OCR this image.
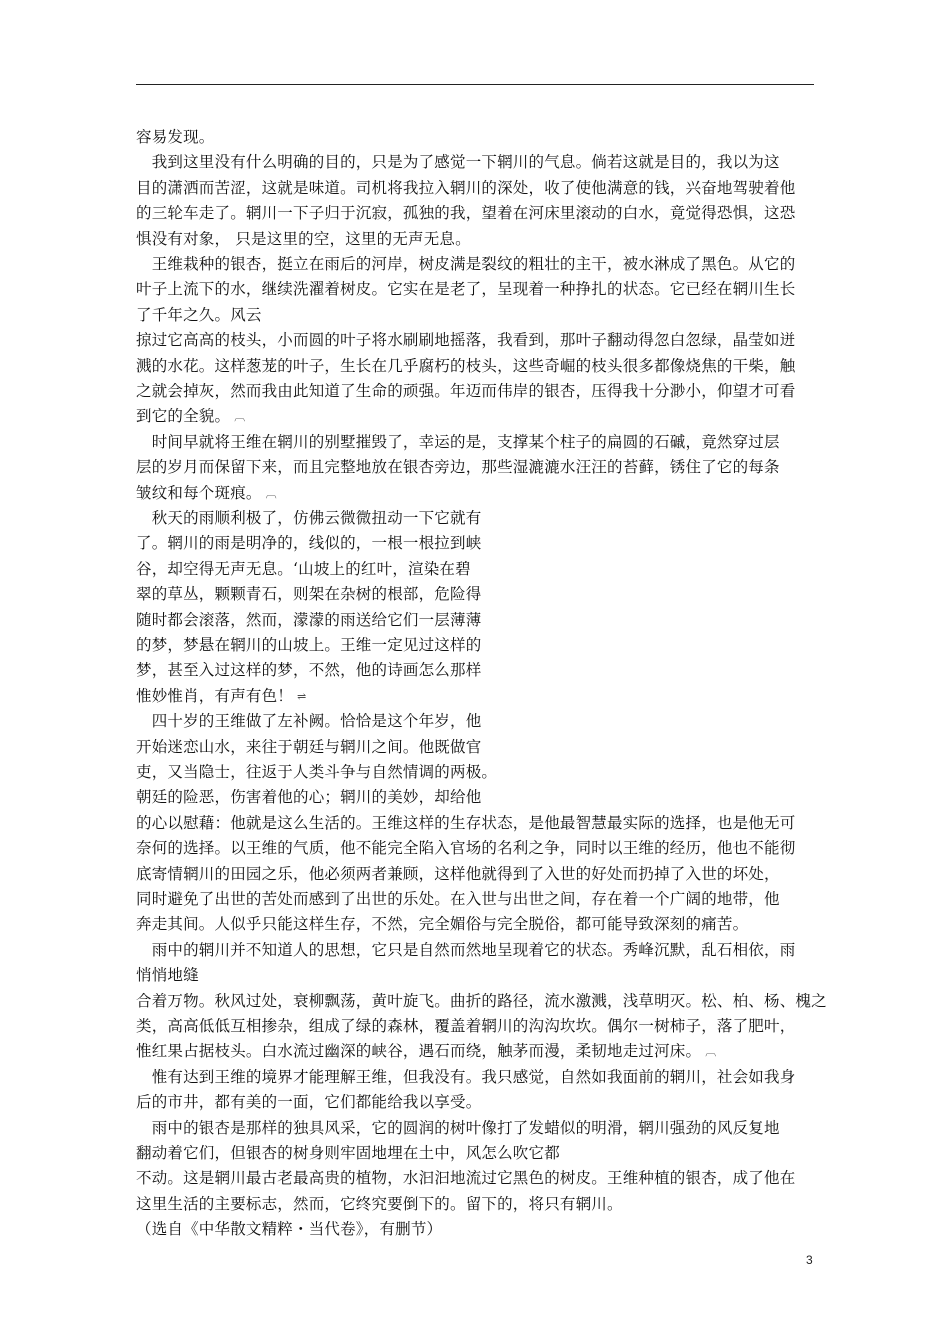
容易发现。
　我到这里没有什么明确的目的，只是为了感觉一下辋川的气息。倘若这就是目的，我以为这
目的潇洒而苦涩，这就是味道。司机将我拉入辋川的深处，收了使他满意的钱，兴奋地驾驶着他
的三轮车走了。辋川一下子归于沉寂，孤独的我，望着在河床里滚动的白水，竟觉得恐惧，这恐
惧没有对象， 只是这里的空，这里的无声无息。
　王维栽种的银杏，挺立在雨后的河岸，树皮满是裂纹的粗壮的主干，被水淋成了黑色。从它的
叶子上流下的水，继续洗濯着树皮。它实在是老了，呈现着一种挣扎的状态。它已经在辋川生长
了千年之久。风云
掠过它高高的枝头，小而圆的叶子将水刷刷地摇落，我看到，那叶子翻动得忽白忽绿，晶莹如迸
溅的水花。这样葱茏的叶子，生长在几乎腐朽的枝头，这些奇崛的枝头很多都像烧焦的干柴，触
之就会掉灰，然而我由此知道了生命的顽强。年迈而伟岸的银杏，压得我十分渺小，仰望才可看
到它的全貌。 ︹
　时间早就将王维在辋川的别墅摧毁了，幸运的是，支撑某个柱子的扁圆的石磩，竟然穿过层
层的岁月而保留下来，而且完整地放在银杏旁边，那些湿漉漉水汪汪的苔藓，锈住了它的每条
皱纹和每个斑痕。 ︹
　秋天的雨顺利极了，仿佛云微微扭动一下它就有
了。辋川的雨是明净的，线似的，一根一根拉到峡
谷，却空得无声无息。‘山坡上的红叶，渲染在碧
翠的草丛，颗颗青石，则架在杂树的根部，危险得
随时都会滚落，然而，濛濛的雨送给它们一层薄薄
的梦，梦悬在辋川的山坡上。王维一定见过这样的
梦，甚至入过这样的梦，不然，他的诗画怎么那样
惟妙惟肖，有声有色！ ⇌
　四十岁的王维做了左补阙。恰恰是这个年岁，他
开始迷恋山水，来往于朝廷与辋川之间。他既做官
吏，又当隐士，往返于人类斗争与自然情调的两极。
朝廷的险恶，伤害着他的心；辋川的美妙，却给他
的心以慰藉：他就是这么生活的。王维这样的生存状态，是他最智慧最实际的选择，也是他无可
奈何的选择。以王维的气质，他不能完全陷入官场的名利之争，同时以王维的经历，他也不能彻
底寄情辋川的田园之乐，他必须两者兼顾，这样他就得到了入世的好处而扔掉了入世的坏处，
同时避免了出世的苦处而感到了出世的乐处。在入世与出世之间，存在着一个广阔的地带，他
奔走其间。人似乎只能这样生存，不然，完全媚俗与完全脱俗，都可能导致深刻的痛苦。
　雨中的辋川并不知道人的思想，它只是自然而然地呈现着它的状态。秀峰沉默，乱石相依，雨
悄悄地缝
合着万物。秋风过处，衰柳飘荡，黄叶旋飞。曲折的路径，流水激溅，浅草明灭。松、柏、杨、槐之
类，高高低低互相掺杂，组成了绿的森林，覆盖着辋川的沟沟坎坎。偶尔一树柿子，落了肥叶，
惟红果占据枝头。白水流过幽深的峡谷，遇石而绕，触茅而漫，柔韧地走过河床。 ︹
　惟有达到王维的境界才能理解王维，但我没有。我只感觉，自然如我面前的辋川，社会如我身
后的市井，都有美的一面，它们都能给我以享受。
　雨中的银杏是那样的独具风采，它的圆润的树叶像打了发蜡似的明滑，辋川强劲的风反复地
翻动着它们，但银杏的树身则牢固地埋在土中，风怎么吹它都
不动。这是辋川最古老最高贵的植物，水汩汩地流过它黑色的树皮。王维种植的银杏，成了他在
这里生活的主要标志，然而，它终究要倒下的。留下的，将只有辋川。
（选自《中华散文精粹・当代卷》，有删节）
3
